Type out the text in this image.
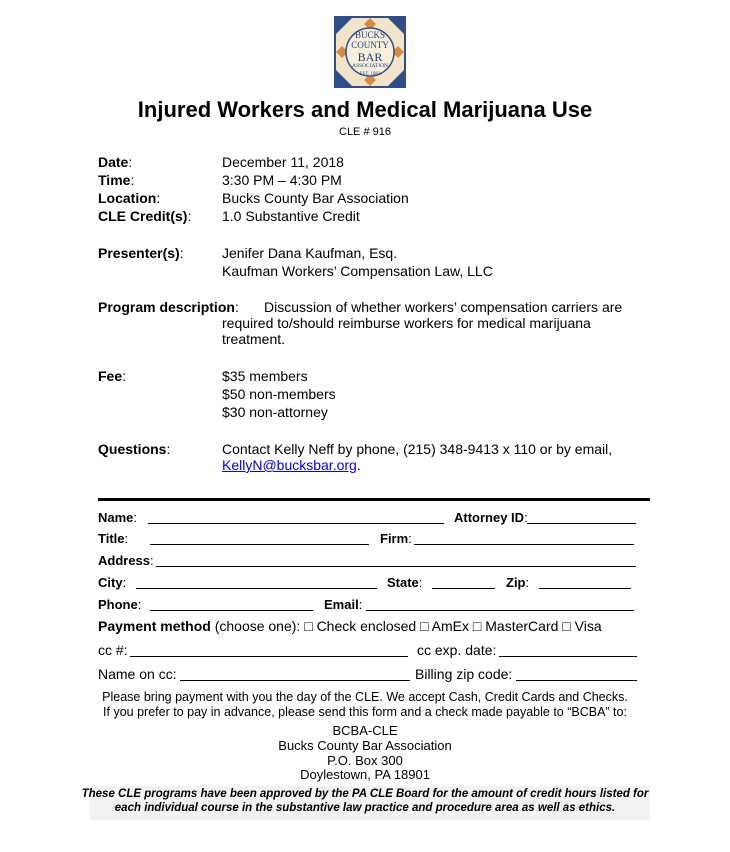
BUCKS
COUNTY
BAR
ASSOCIATION
EST. 1883
Injured Workers and Medical Marijuana Use
CLE # 916
Date:	December 11, 2018
Time:	3:30 PM – 4:30 PM
Location:	Bucks County Bar Association
CLE Credit(s): 1.0 Substantive Credit
Presenter(s):	Jenifer Dana Kaufman, Esq.
Kaufman Workers’ Compensation Law, LLC
Program description: Discussion of whether workers’ compensation carriers are
required to/should reimburse workers for medical marijuana
treatment.
Fee:	$35 members
$50 non-members
$30 non-attorney
Questions:	Contact Kelly Neff by phone, (215) 348-9413 x 110 or by email,
KellyN@bucksbar.org.
Name:	Attorney ID:
Title:	Firm:
Address:
City:	State:	Zip:
Phone:	Email:
Payment method (choose one): □ Check enclosed □ AmEx □ MasterCard □ Visa
cc #:	cc exp. date:
Name on cc:	Billing zip code:
Please bring payment with you the day of the CLE. We accept Cash, Credit Cards and Checks.
If you prefer to pay in advance, please send this form and a check made payable to “BCBA” to:
BCBA-CLE
Bucks County Bar Association
P.O. Box 300
Doylestown, PA 18901
These CLE programs have been approved by the PA CLE Board for the amount of credit hours listed for
each individual course in the substantive law practice and procedure area as well as ethics.
